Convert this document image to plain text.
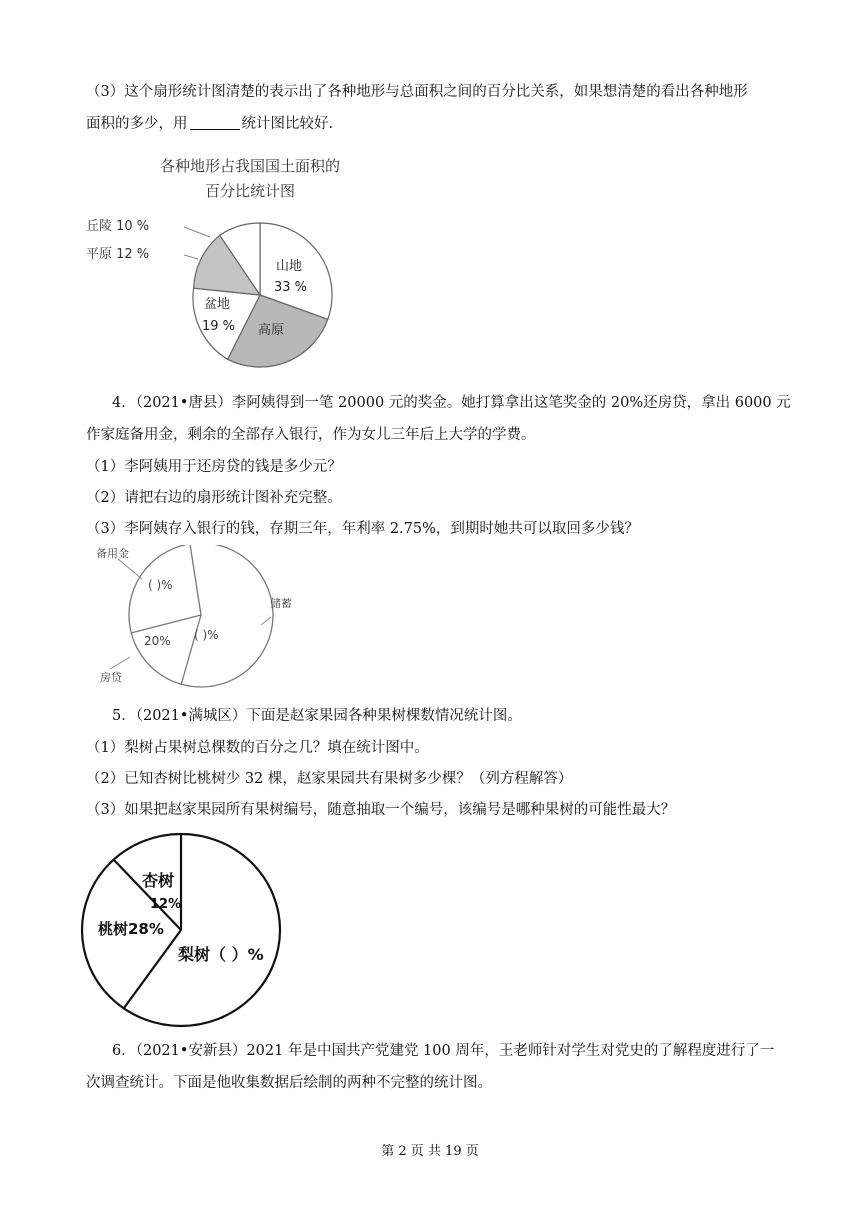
（3）这个扇形统计图清楚的表示出了各种地形与总面积之间的百分比关系，如果想清楚的看出各种地形
面积的多少，用	统计图比较好.
各种地形占我国国土面积的
百分比统计图
丘陵 10 %
平原 12 %
山地
33 %
盆地
19 % 高原
4．（2021•唐县）李阿姨得到一笔 20000 元的奖金。她打算拿出这笔奖金的 20%还房贷，拿出 6000 元
作家庭备用金，剩余的全部存入银行，作为女儿三年后上大学的学费。
（1）李阿姨用于还房贷的钱是多少元？
（2）请把右边的扇形统计图补充完整。
（3）李阿姨存入银行的钱，存期三年，年利率 2.75%，到期时她共可以取回多少钱？
备用金
( )%
储蓄
( )%
20%
房贷
5．（2021•满城区）下面是赵家果园各种果树棵数情况统计图。
（1）梨树占果树总棵数的百分之几？填在统计图中。
（2）已知杏树比桃树少 32 棵，赵家果园共有果树多少棵？（列方程解答）
（3）如果把赵家果园所有果树编号，随意抽取一个编号，该编号是哪种果树的可能性最大？
杏树
12%
桃树28%
梨树（ ）%
6．（2021•安新县）2021 年是中国共产党建党 100 周年，王老师针对学生对党史的了解程度进行了一
次调查统计。下面是他收集数据后绘制的两种不完整的统计图。
第 2 页 共 19 页
